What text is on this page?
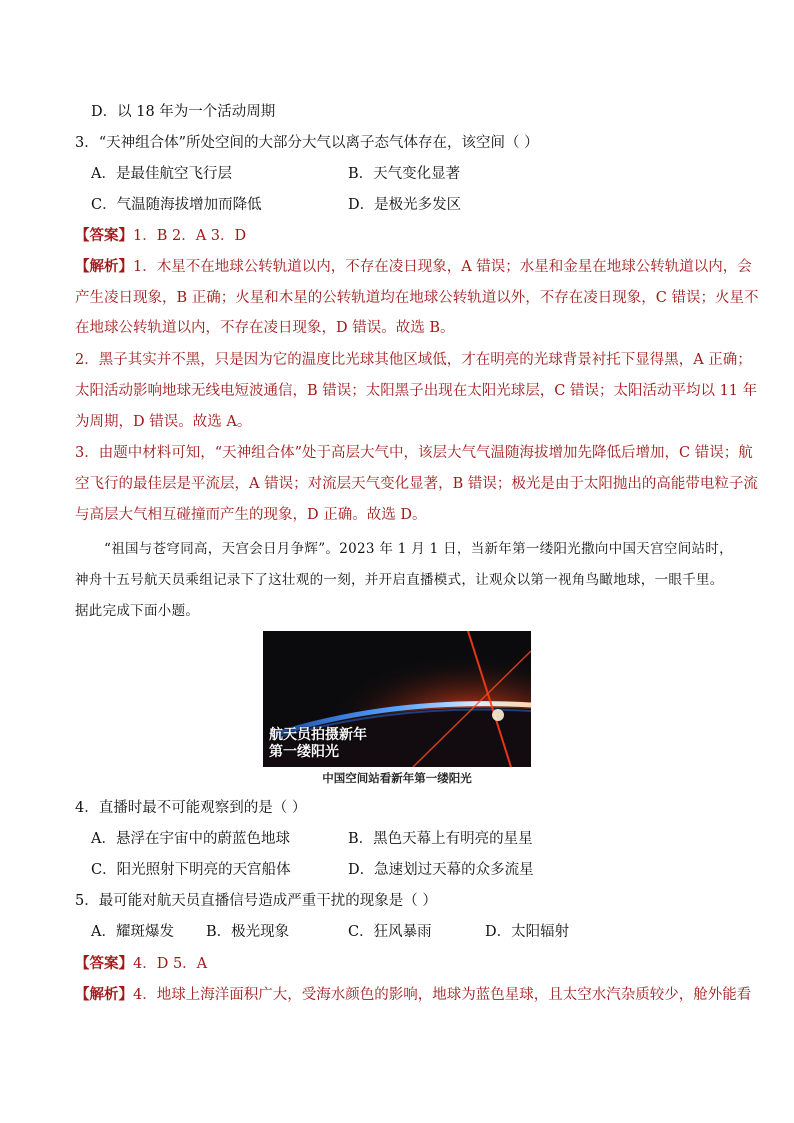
D．以 18 年为一个活动周期
3．“天神组合体”所处空间的大部分大气以离子态气体存在，该空间（ ）
A．是最佳航空飞行层	B．天气变化显著
C．气温随海拔增加而降低	D．是极光多发区
【答案】1．B 2．A 3．D
【解析】1．木星不在地球公转轨道以内，不存在凌日现象，A 错误；水星和金星在地球公转轨道以内，会
产生凌日现象，B 正确；火星和木星的公转轨道均在地球公转轨道以外，不存在凌日现象，C 错误；火星不
在地球公转轨道以内，不存在凌日现象，D 错误。故选 B。
2．黑子其实并不黑，只是因为它的温度比光球其他区域低，才在明亮的光球背景衬托下显得黑，A 正确；
太阳活动影响地球无线电短波通信，B 错误；太阳黑子出现在太阳光球层，C 错误；太阳活动平均以 11 年
为周期，D 错误。故选 A。
3．由题中材料可知，“天神组合体”处于高层大气中，该层大气气温随海拔增加先降低后增加，C 错误；航
空飞行的最佳层是平流层，A 错误；对流层天气变化显著，B 错误；极光是由于太阳抛出的高能带电粒子流
与高层大气相互碰撞而产生的现象，D 正确。故选 D。
“祖国与苍穹同高，天宫会日月争辉”。2023 年 1 月 1 日，当新年第一缕阳光撒向中国天宫空间站时，
神舟十五号航天员乘组记录下了这壮观的一刻，并开启直播模式，让观众以第一视角鸟瞰地球，一眼千里。
据此完成下面小题。
航天员拍摄新年
第一缕阳光
中国空间站看新年第一缕阳光
4．直播时最不可能观察到的是（ ）
A．悬浮在宇宙中的蔚蓝色地球	B．黑色天幕上有明亮的星星
C．阳光照射下明亮的天宫船体	D．急速划过天幕的众多流星
5．最可能对航天员直播信号造成严重干扰的现象是（ ）
A．耀斑爆发 B．极光现象	C．狂风暴雨	D．太阳辐射
【答案】4．D 5．A
【解析】4．地球上海洋面积广大，受海水颜色的影响，地球为蓝色星球，且太空水汽杂质较少，舱外能看
